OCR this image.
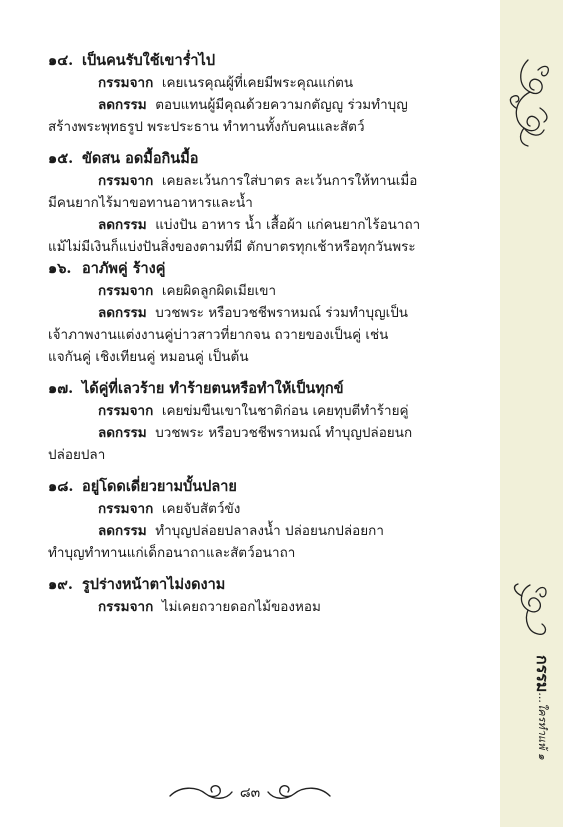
๑๔. เป็นคนรับใช้เขาร่ำไป
กรรมจาก เคยเนรคุณผู้ที่เคยมีพระคุณแก่ตน
ลดกรรม ตอบแทนผู้มีคุณด้วยความกตัญญู ร่วมทำบุญ
สร้างพระพุทธรูป พระประธาน ทำทานทั้งกับคนและสัตว์
๑๕. ขัดสน อดมื้อกินมื้อ
กรรมจาก เคยละเว้นการใส่บาตร ละเว้นการให้ทานเมื่อ
มีคนยากไร้มาขอทานอาหารและน้ำ
ลดกรรม แบ่งปัน อาหาร น้ำ เสื้อผ้า แก่คนยากไร้อนาถา
แม้ไม่มีเงินก็แบ่งปันสิ่งของตามที่มี ตักบาตรทุกเช้าหรือทุกวันพระ
๑๖. อาภัพคู่ ร้างคู่
กรรมจาก เคยผิดลูกผิดเมียเขา
ลดกรรม บวชพระ หรือบวชชีพราหมณ์ ร่วมทำบุญเป็น
เจ้าภาพงานแต่งงานคู่บ่าวสาวที่ยากจน ถวายของเป็นคู่ เช่น
แจกันคู่ เชิงเทียนคู่ หมอนคู่ เป็นต้น
๑๗. ได้คู่ที่เลวร้าย ทำร้ายตนหรือทำให้เป็นทุกข์
กรรมจาก เคยข่มขืนเขาในชาติก่อน เคยทุบตีทำร้ายคู่
ลดกรรม บวชพระ หรือบวชชีพราหมณ์ ทำบุญปล่อยนก
ปล่อยปลา
๑๘. อยู่โดดเดี่ยวยามบั้นปลาย
กรรมจาก เคยจับสัตว์ขัง
ลดกรรม ทำบุญปล่อยปลาลงน้ำ ปล่อยนกปล่อยกา
ทำบุญทำทานแก่เด็กอนาถาและสัตว์อนาถา
๑๙. รูปร่างหน้าตาไม่งดงาม
กรรมจาก ไม่เคยถวายดอกไม้ของหอม
๘๓
กรรม...ใครทำแพ้ ๑
